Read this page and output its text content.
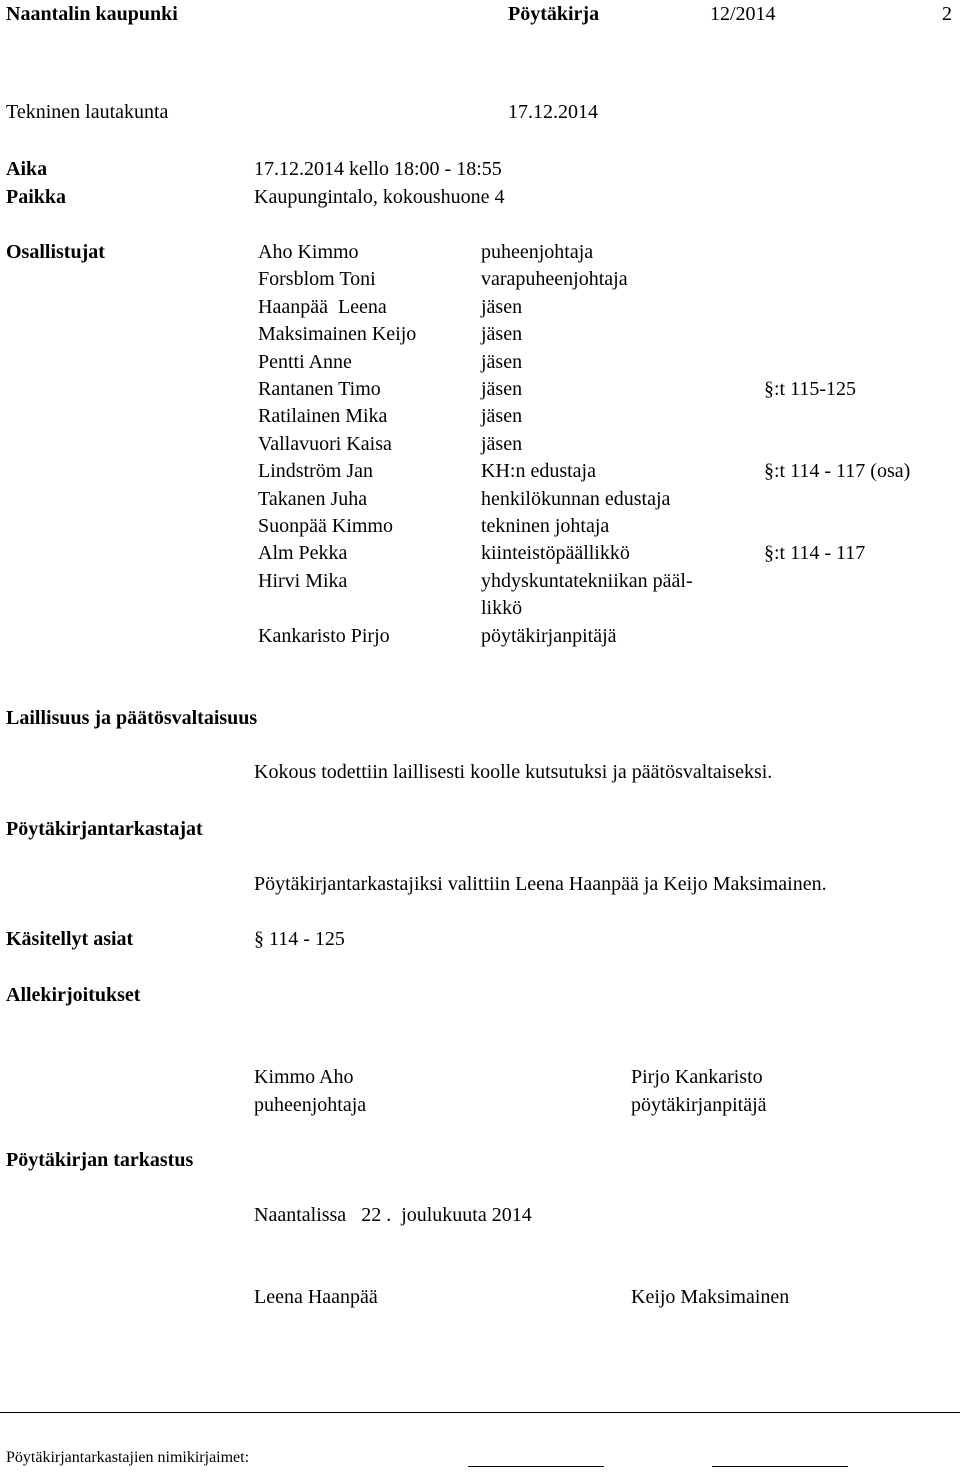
Naantalin kaupunki	Pöytäkirja	12/2014	2
Tekninen lautakunta	17.12.2014
Aika	17.12.2014 kello 18:00 - 18:55
Paikka	Kaupungintalo, kokoushuone 4
Osallistujat	Aho Kimmo	puheenjohtaja
Forsblom Toni	varapuheenjohtaja
Haanpää  Leena	jäsen
Maksimainen Keijo	jäsen
Pentti Anne	jäsen
Rantanen Timo	jäsen	§:t 115-125
Ratilainen Mika	jäsen
Vallavuori Kaisa	jäsen
Lindström Jan	KH:n edustaja	§:t 114 - 117 (osa)
Takanen Juha	henkilökunnan edustaja
Suonpää Kimmo	tekninen johtaja
Alm Pekka	kiinteistöpäällikkö	§:t 114 - 117
Hirvi Mika	yhdyskuntatekniikan pääl-
likkö
Kankaristo Pirjo	pöytäkirjanpitäjä
Laillisuus ja päätösvaltaisuus
Kokous todettiin laillisesti koolle kutsutuksi ja päätösvaltaiseksi.
Pöytäkirjantarkastajat
Pöytäkirjantarkastajiksi valittiin Leena Haanpää ja Keijo Maksimainen.
Käsitellyt asiat	§ 114 - 125
Allekirjoitukset
Kimmo Aho
puheenjohtaja
Pirjo Kankaristo
pöytäkirjanpitäjä
Pöytäkirjan tarkastus
Naantalissa   22 .  joulukuuta 2014
Leena Haanpää	Keijo Maksimainen
Pöytäkirjantarkastajien nimikirjaimet:
